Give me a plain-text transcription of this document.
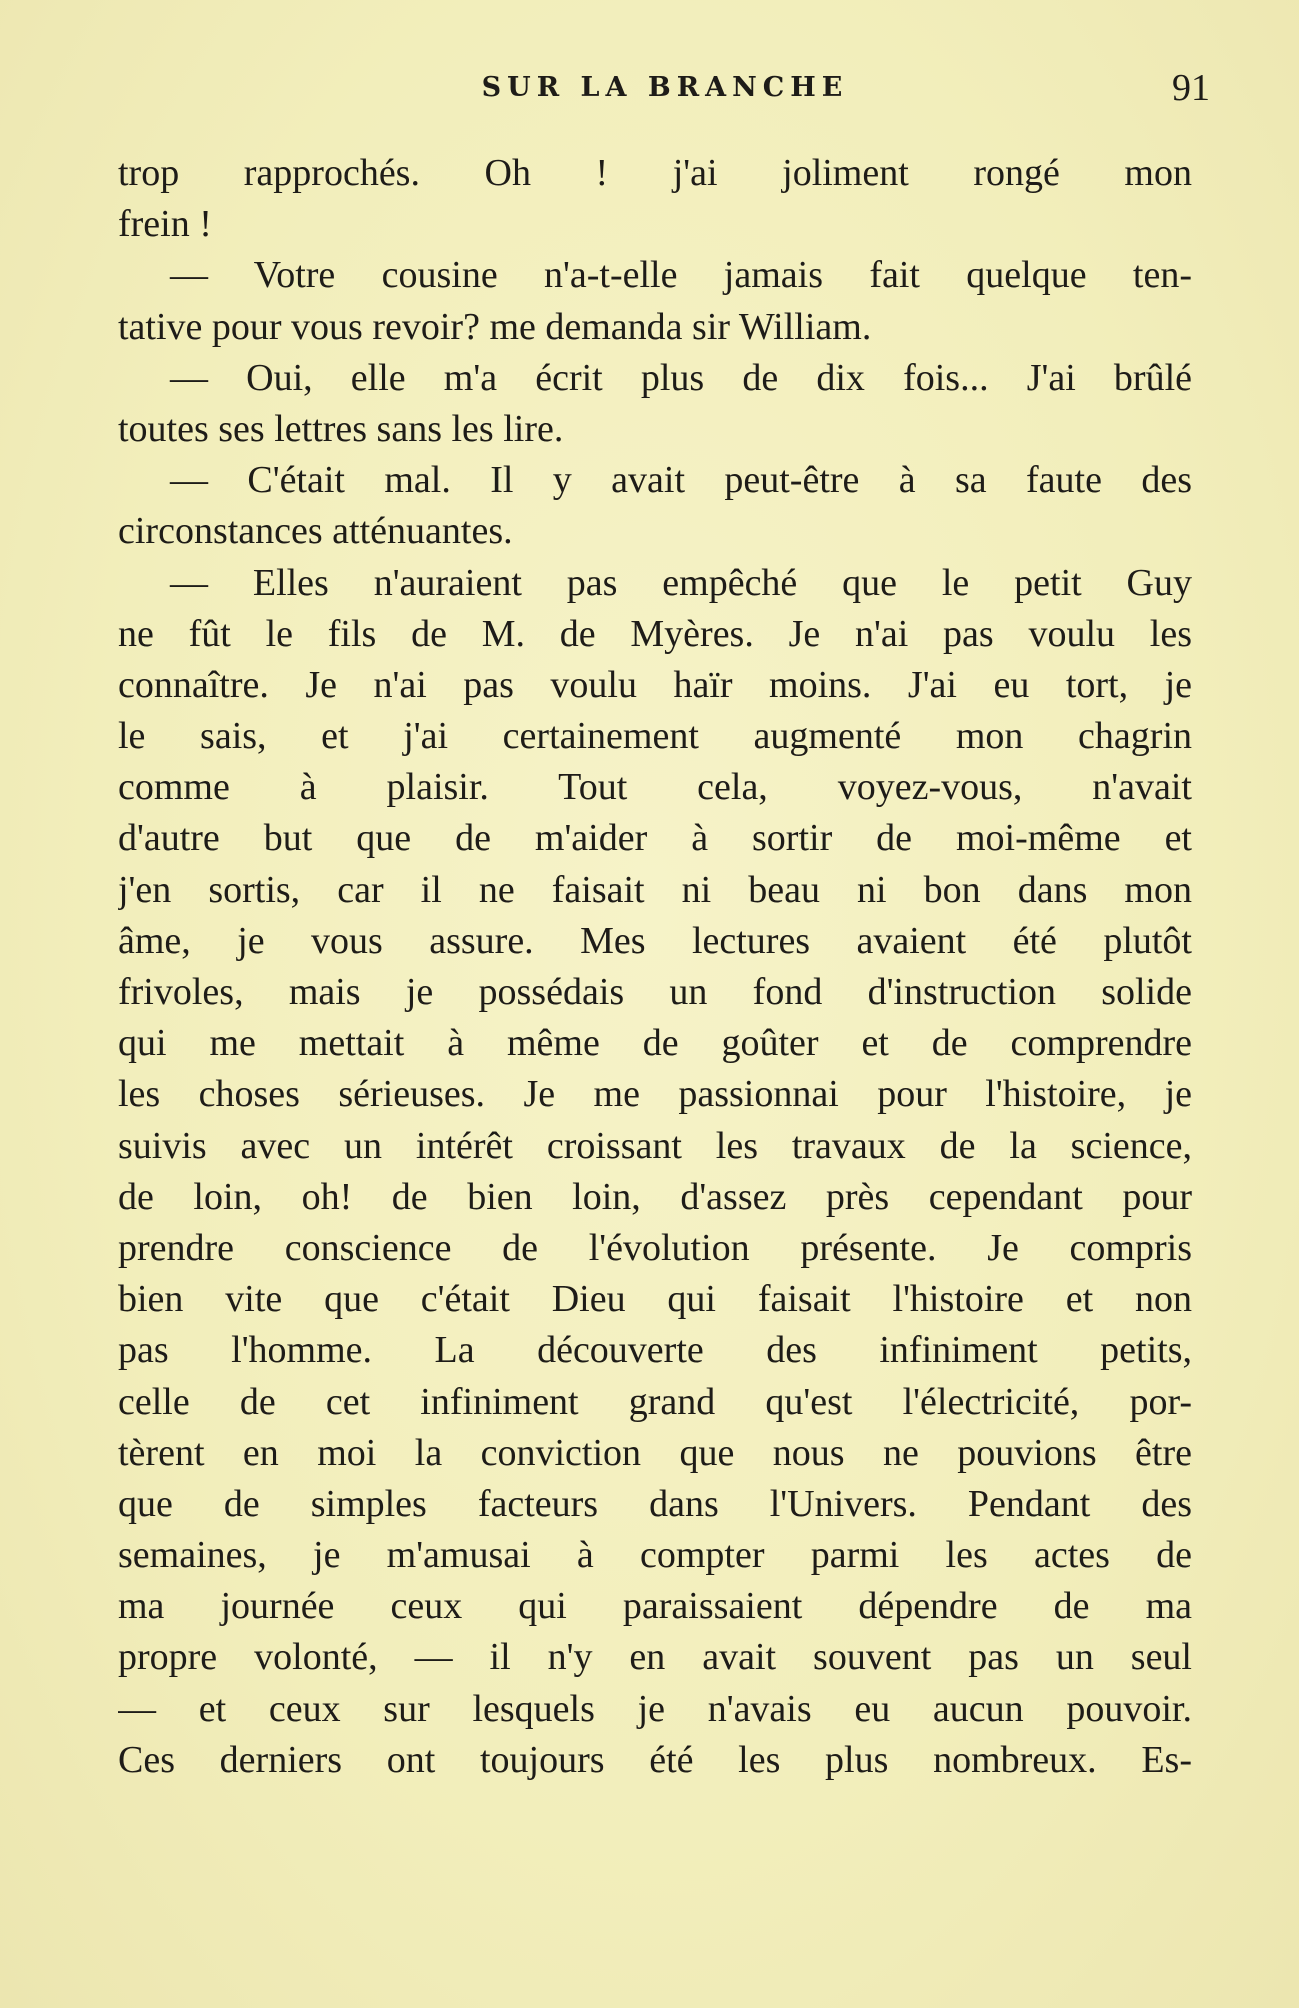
SUR LA BRANCHE	91
trop rapprochés. Oh ! j'ai joliment rongé mon
frein !
— Votre cousine n'a-t-elle jamais fait quelque ten-
tative pour vous revoir? me demanda sir William.
— Oui, elle m'a écrit plus de dix fois... J'ai brûlé
toutes ses lettres sans les lire.
— C'était mal. Il y avait peut-être à sa faute des
circonstances atténuantes.
— Elles n'auraient pas empêché que le petit Guy
ne fût le fils de M. de Myères. Je n'ai pas voulu les
connaître. Je n'ai pas voulu haïr moins. J'ai eu tort, je
le sais, et j'ai certainement augmenté mon chagrin
comme à plaisir. Tout cela, voyez-vous, n'avait
d'autre but que de m'aider à sortir de moi-même et
j'en sortis, car il ne faisait ni beau ni bon dans mon
âme, je vous assure. Mes lectures avaient été plutôt
frivoles, mais je possédais un fond d'instruction solide
qui me mettait à même de goûter et de comprendre
les choses sérieuses. Je me passionnai pour l'histoire, je
suivis avec un intérêt croissant les travaux de la science,
de loin, oh! de bien loin, d'assez près cependant pour
prendre conscience de l'évolution présente. Je compris
bien vite que c'était Dieu qui faisait l'histoire et non
pas l'homme. La découverte des infiniment petits,
celle de cet infiniment grand qu'est l'électricité, por-
tèrent en moi la conviction que nous ne pouvions être
que de simples facteurs dans l'Univers. Pendant des
semaines, je m'amusai à compter parmi les actes de
ma journée ceux qui paraissaient dépendre de ma
propre volonté, — il n'y en avait souvent pas un seul
— et ceux sur lesquels je n'avais eu aucun pouvoir.
Ces derniers ont toujours été les plus nombreux. Es-
